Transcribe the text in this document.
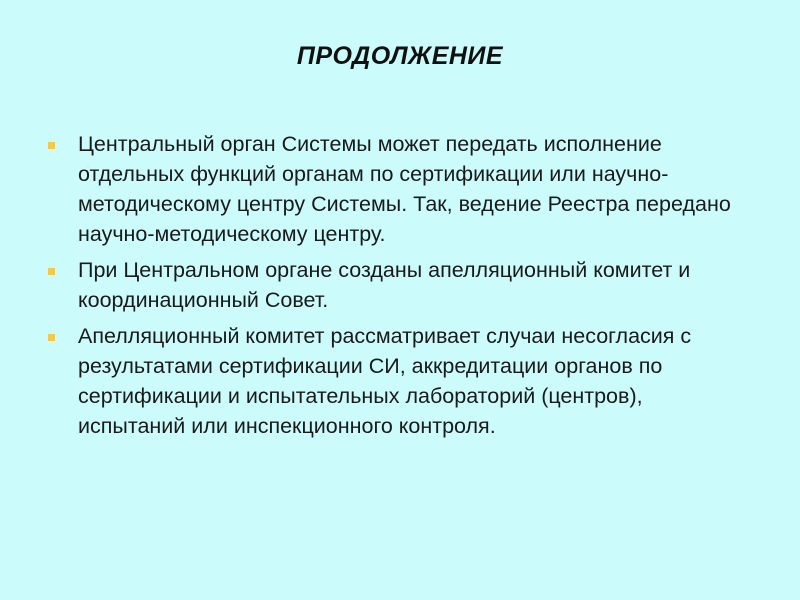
ПРОДОЛЖЕНИЕ
Центральный орган Системы может передать исполнение отдельных функций органам по сертификации или научно-методическому центру Системы. Так, ведение Реестра передано научно-методическому центру.
При Центральном органе созданы апелляционный комитет и координационный Совет.
Апелляционный комитет рассматривает случаи несогласия с результатами сертификации СИ, аккредитации органов по сертификации и испытательных лабораторий (центров), испытаний или инспекционного контроля.
